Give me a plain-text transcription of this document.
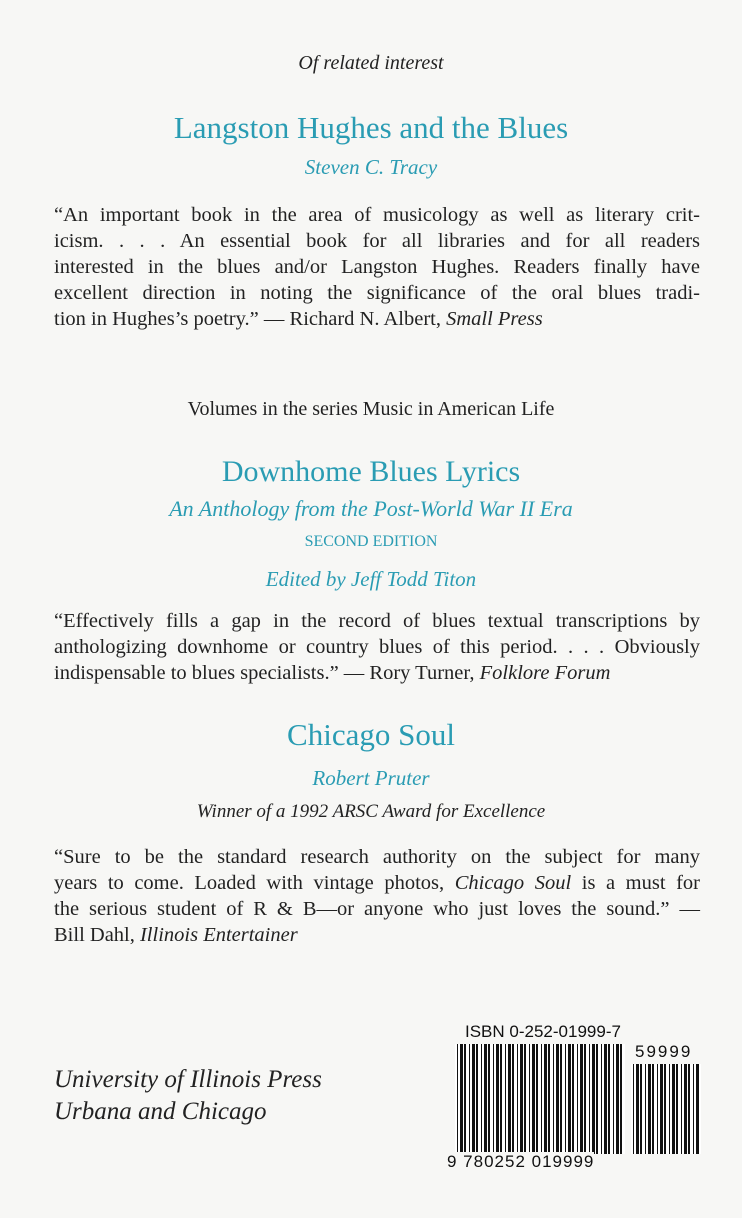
Of related interest
Langston Hughes and the Blues
Steven C. Tracy
“An important book in the area of musicology as well as literary crit-
icism. . . . An essential book for all libraries and for all readers
interested in the blues and/or Langston Hughes. Readers finally have
excellent direction in noting the significance of the oral blues tradi-
tion in Hughes’s poetry.” — Richard N. Albert, Small Press
Volumes in the series Music in American Life
Downhome Blues Lyrics
An Anthology from the Post-World War II Era
SECOND EDITION
Edited by Jeff Todd Titon
“Effectively fills a gap in the record of blues textual transcriptions by
anthologizing downhome or country blues of this period. . . . Obviously
indispensable to blues specialists.” — Rory Turner, Folklore Forum
Chicago Soul
Robert Pruter
Winner of a 1992 ARSC Award for Excellence
“Sure to be the standard research authority on the subject for many
years to come. Loaded with vintage photos, Chicago Soul is a must for
the serious student of R & B—or anyone who just loves the sound.” —
Bill Dahl, Illinois Entertainer
University of Illinois Press
Urbana and Chicago
ISBN 0-252-01999-7
59999
9 780252 019999
